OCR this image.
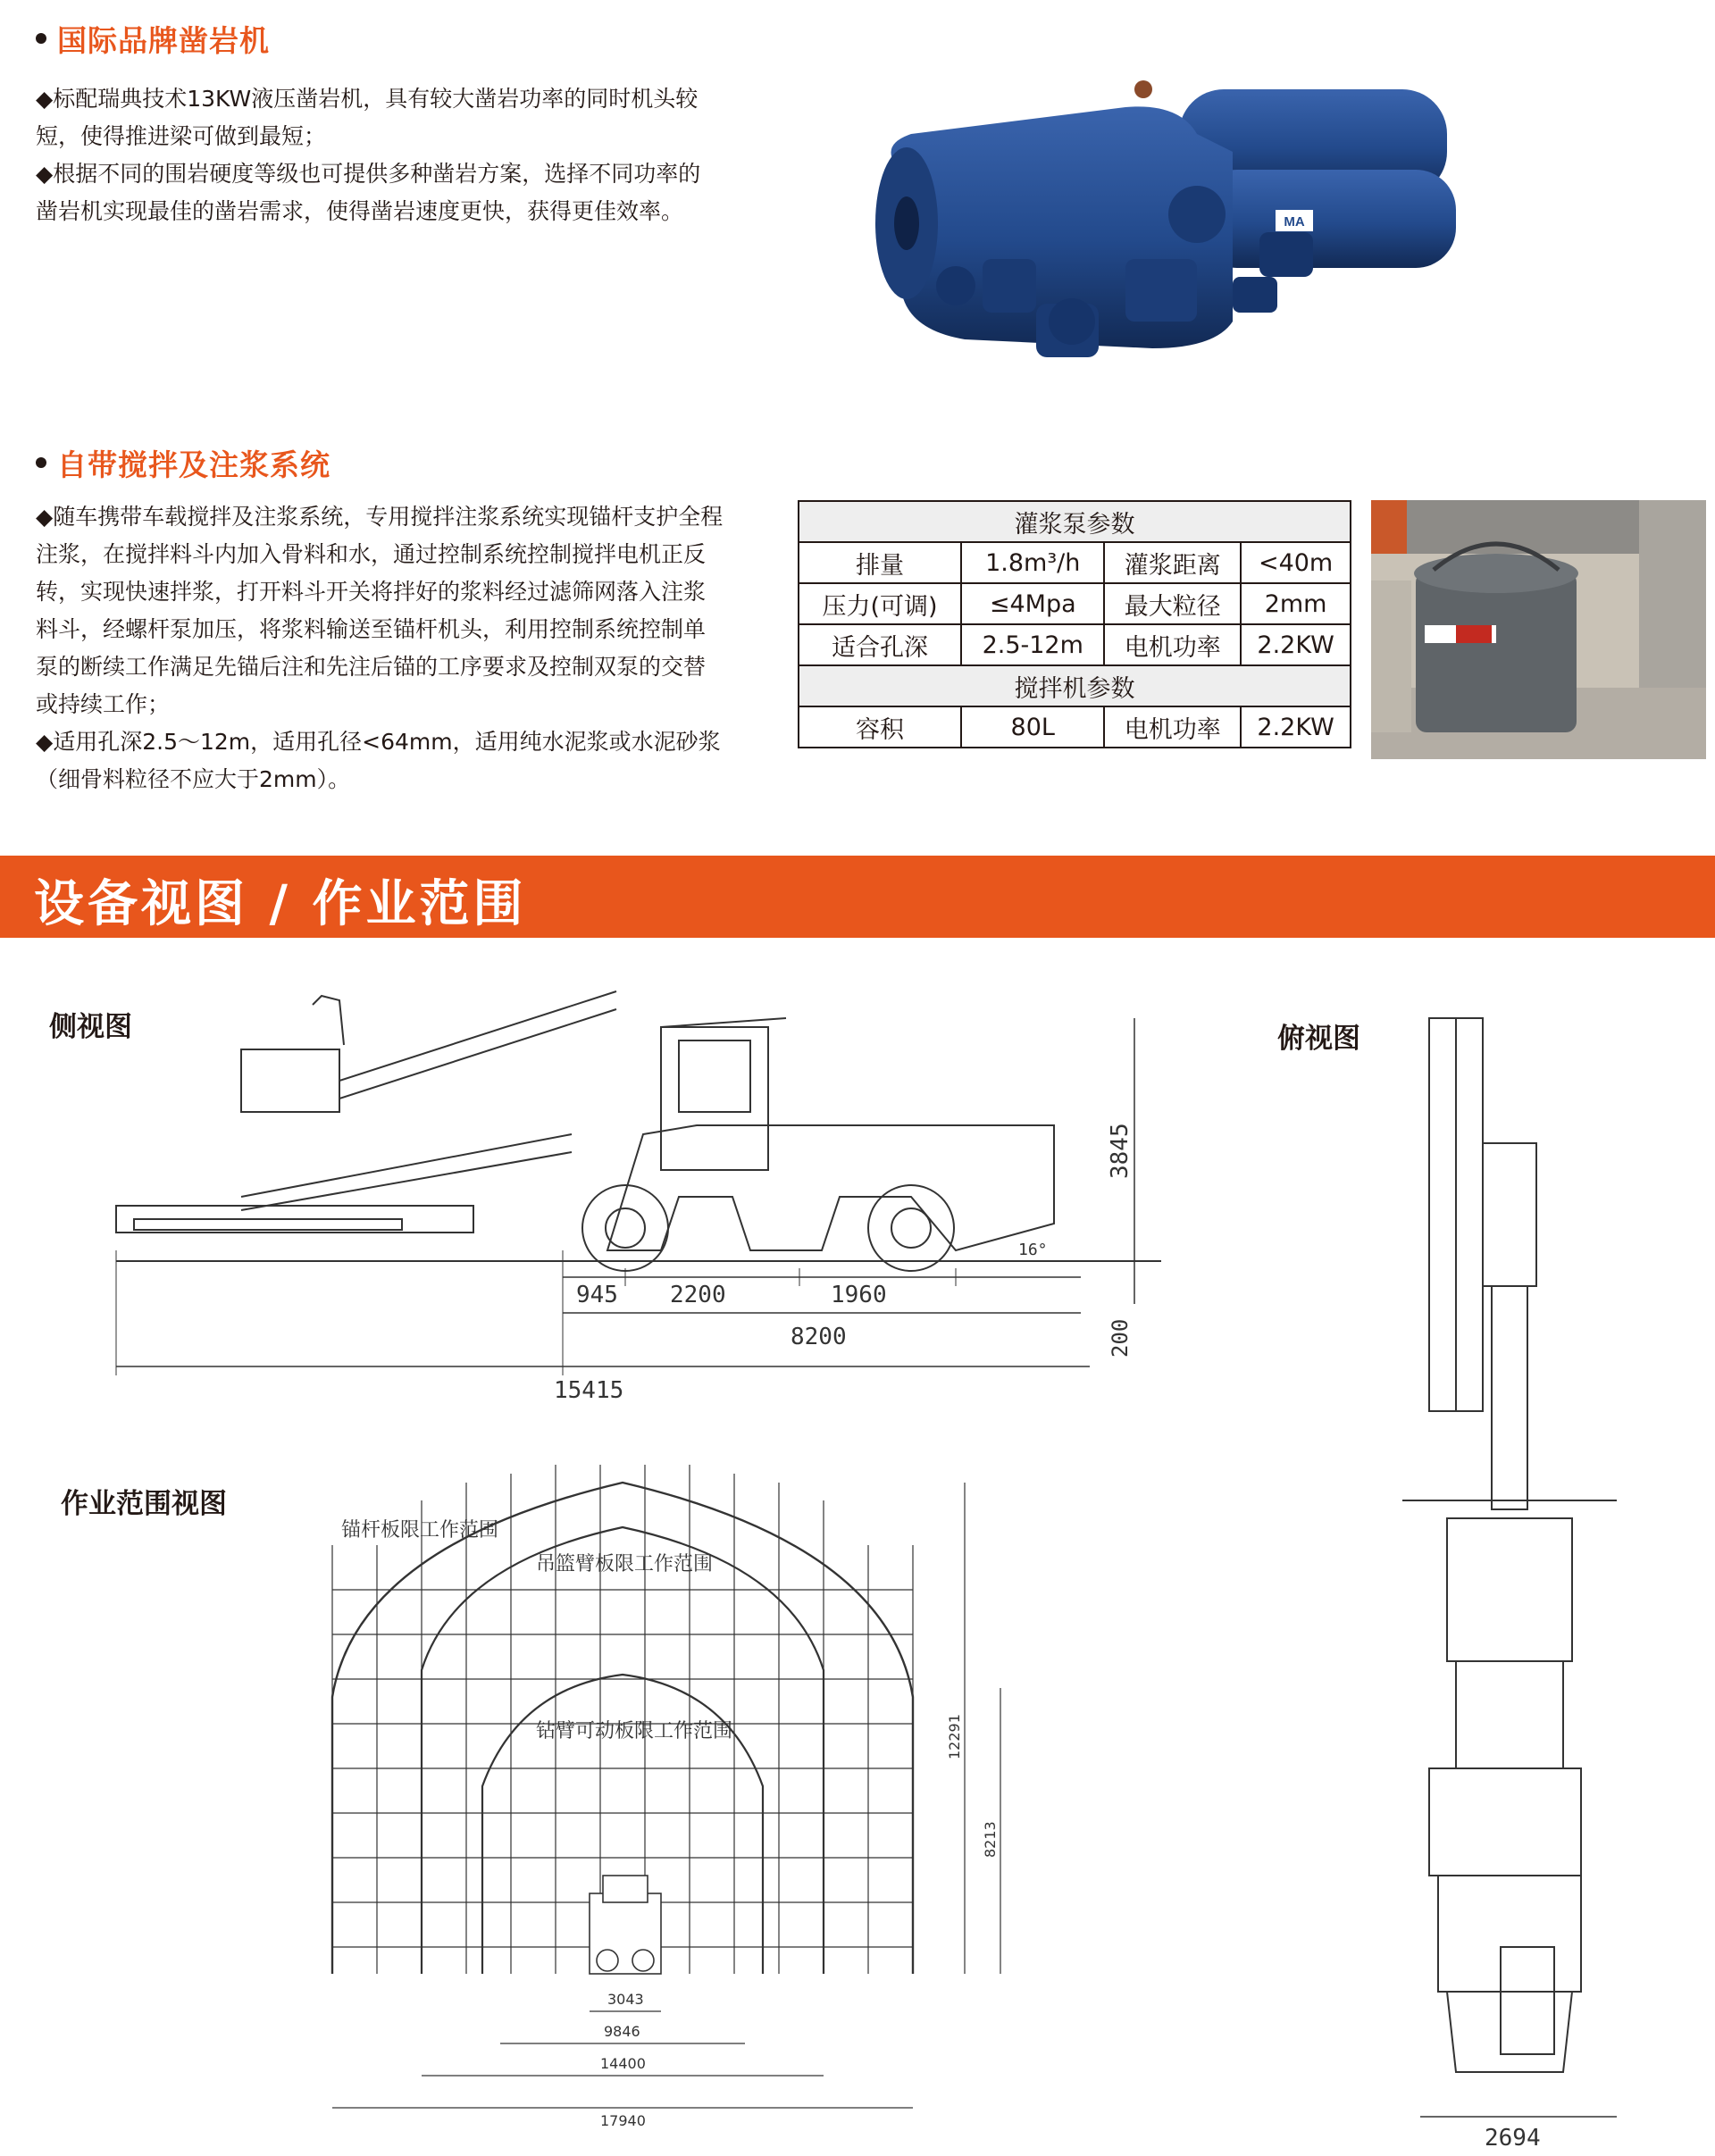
国际品牌凿岩机
◆标配瑞典技术13KW液压凿岩机，具有较大凿岩功率的同时机头较
短，使得推进梁可做到最短；
◆根据不同的围岩硬度等级也可提供多种凿岩方案，选择不同功率的
凿岩机实现最佳的凿岩需求，使得凿岩速度更快，获得更佳效率。	MA
自带搅拌及注浆系统
◆随车携带车载搅拌及注浆系统，专用搅拌注浆系统实现锚杆支护全程
注浆，在搅拌料斗内加入骨料和水，通过控制系统控制搅拌电机正反
转，实现快速拌浆，打开料斗开关将拌好的浆料经过滤筛网落入注浆
料斗，经螺杆泵加压，将浆料输送至锚杆机头，利用控制系统控制单
泵的断续工作满足先锚后注和先注后锚的工序要求及控制双泵的交替
或持续工作；
◆适用孔深2.5～12m，适用孔径<64mm，适用纯水泥浆或水泥砂浆
（细骨料粒径不应大于2mm）。
灌浆泵参数			
排量	1.8m³/h	灌浆距离	<40m
压力(可调)	≤4Mpa	最大粒径	2mm
适合孔深	2.5-12m	电机功率	2.2KW
搅拌机参数			
容积	80L	电机功率	2.2KW
设备视图 / 作业范围
侧视图	俯视图
作业范围视图
3845
200
16°
945 2200	1960
8200
15415
2694
锚杆板限工作范围
吊篮臂板限工作范围
钻臂可动板限工作范围	12291
8213
3043
9846
14400
17940
